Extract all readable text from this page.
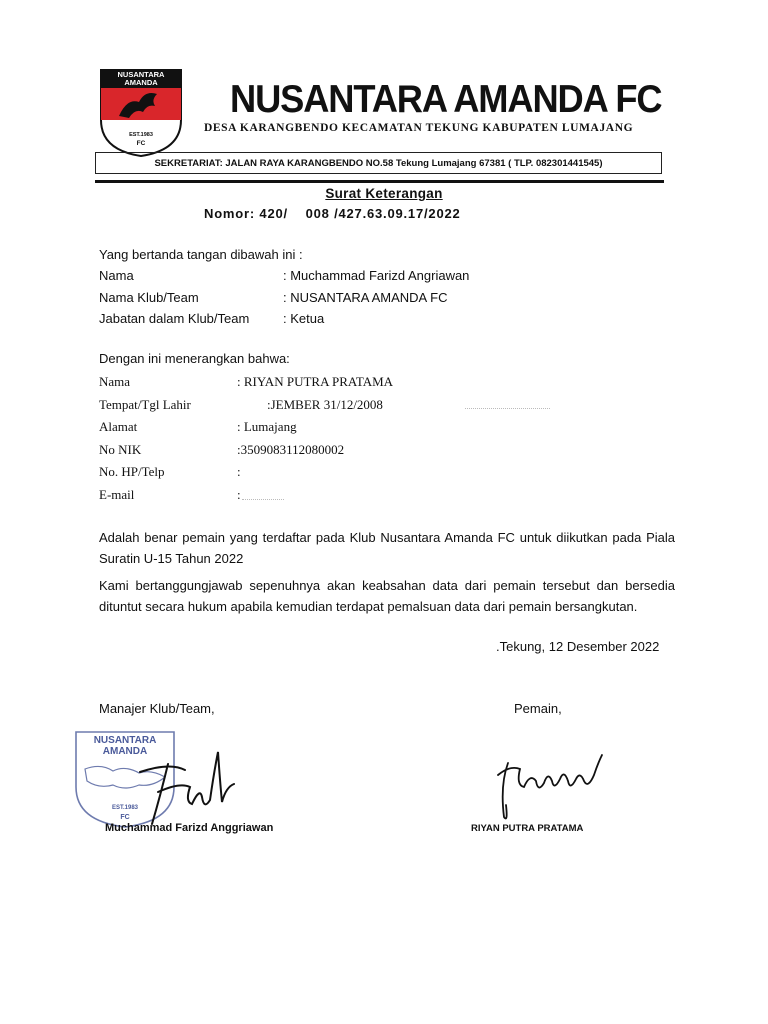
NUSANTARA
AMANDA
EST.1983
FC
NUSANTARA AMANDA FC
DESA KARANGBENDO KECAMATAN TEKUNG KABUPATEN LUMAJANG
SEKRETARIAT: JALAN RAYA KARANGBENDO NO.58 Tekung Lumajang 67381 ( TLP. 082301441545)
Surat Keterangan
Nomor: 420/    008 /427.63.09.17/2022
Yang bertanda tangan dibawah ini :
Nama	: Muchammad Farizd Angriawan
Nama Klub/Team	: NUSANTARA AMANDA FC
Jabatan dalam Klub/Team	: Ketua
Dengan ini menerangkan bahwa:
Nama	: RIYAN PUTRA PRATAMA
Tempat/Tgl Lahir	:JEMBER 31/12/2008
Alamat	: Lumajang
No NIK	:3509083112080002
No. HP/Telp	:
E-mail	:
Adalah benar pemain yang terdaftar pada Klub Nusantara Amanda FC untuk diikutkan pada Piala Suratin U-15 Tahun 2022
Kami bertanggungjawab sepenuhnya akan keabsahan data dari pemain tersebut dan bersedia dituntut secara hukum apabila kemudian terdapat pemalsuan data dari pemain bersangkutan.
.Tekung, 12 Desember 2022
Manajer Klub/Team,	Pemain,
NUSANTARA
AMANDA
EST.1983
FC
Muchammad Farizd Anggriawan	RIYAN PUTRA PRATAMA
